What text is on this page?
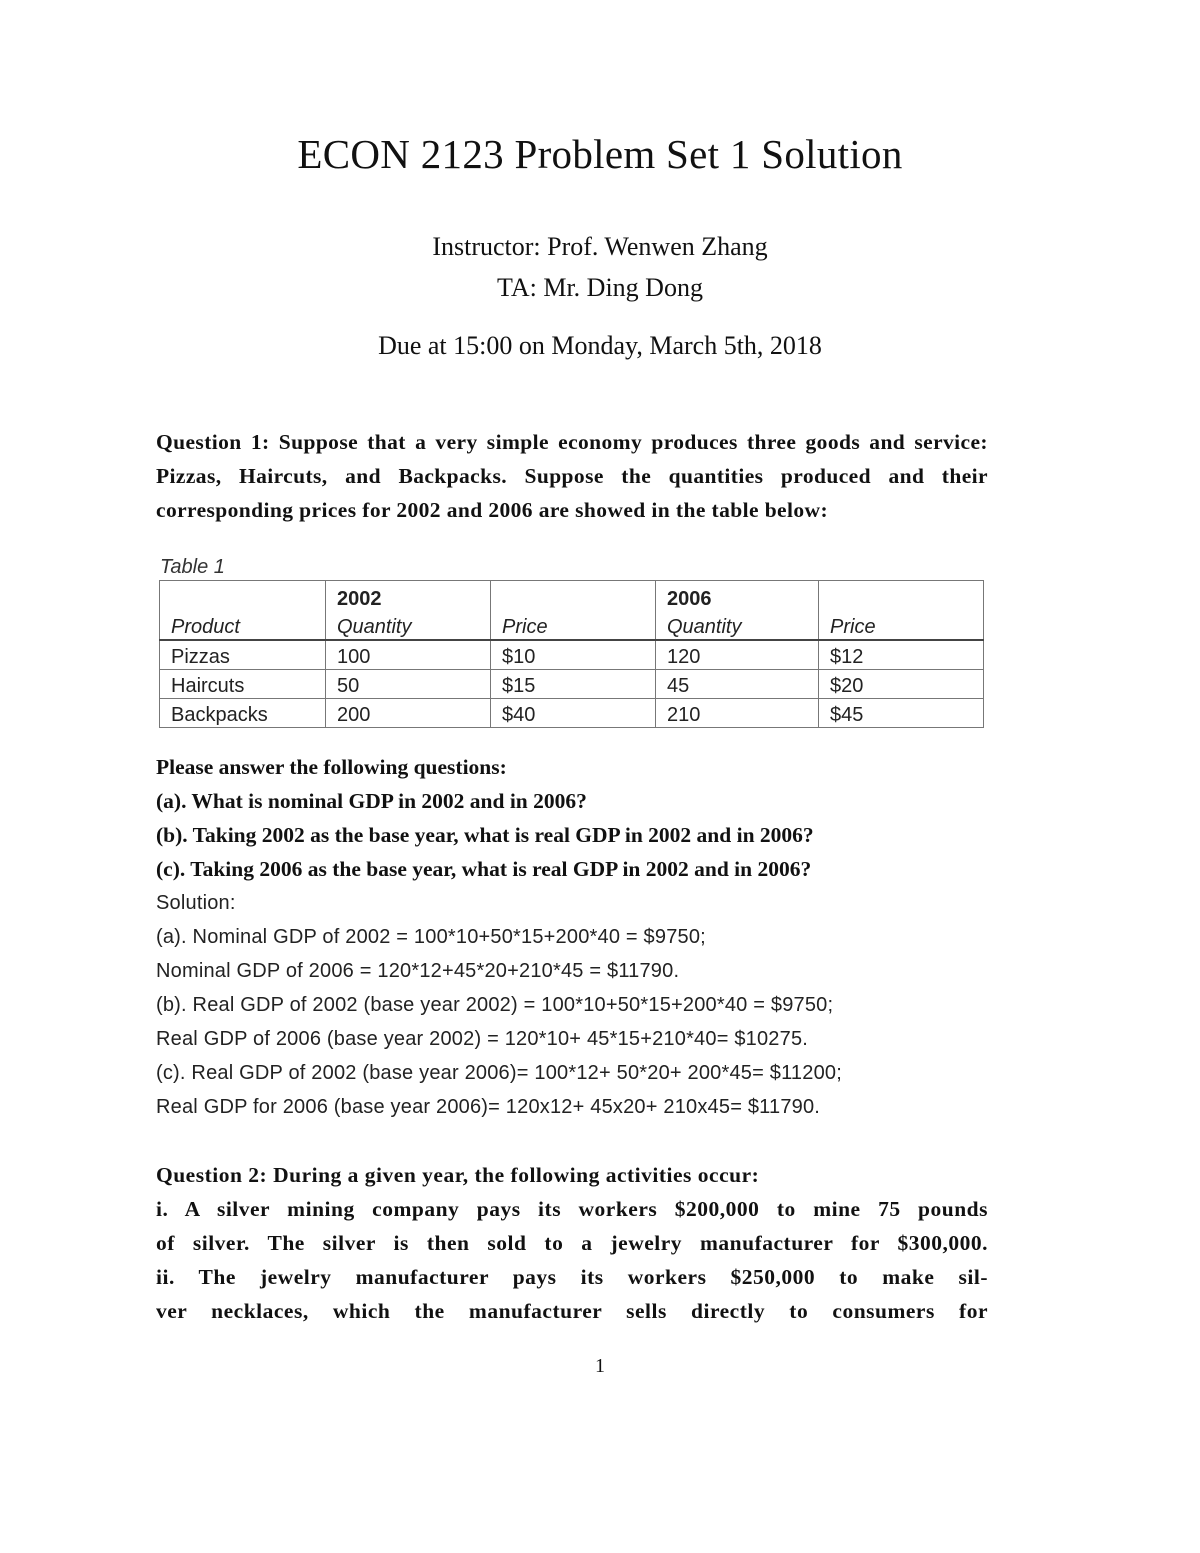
ECON 2123 Problem Set 1 Solution
Instructor: Prof. Wenwen Zhang
TA: Mr. Ding Dong
Due at 15:00 on Monday, March 5th, 2018
Question 1: Suppose that a very simple economy produces three goods and service: Pizzas, Haircuts, and Backpacks. Suppose the quantities produced and their corresponding prices for 2002 and 2006 are showed in the table below:
Table 1
	2002		2006	
Product	Quantity	Price	Quantity	Price
Pizzas	100	$10	120	$12
Haircuts	50	$15	45	$20
Backpacks	200	$40	210	$45
Please answer the following questions:
(a). What is nominal GDP in 2002 and in 2006?
(b). Taking 2002 as the base year, what is real GDP in 2002 and in 2006?
(c). Taking 2006 as the base year, what is real GDP in 2002 and in 2006?
Solution:
(a). Nominal GDP of 2002 = 100*10+50*15+200*40 = $9750;
Nominal GDP of 2006 = 120*12+45*20+210*45 = $11790.
(b). Real GDP of 2002 (base year 2002) = 100*10+50*15+200*40 = $9750;
Real GDP of 2006 (base year 2002) = 120*10+ 45*15+210*40= $10275.
(c). Real GDP of 2002 (base year 2006)= 100*12+ 50*20+ 200*45= $11200;
Real GDP for 2006 (base year 2006)= 120x12+ 45x20+ 210x45= $11790.
Question 2: During a given year, the following activities occur:
i. A silver mining company pays its workers $200,000 to mine 75 pounds
of silver. The silver is then sold to a jewelry manufacturer for $300,000.
ii. The jewelry manufacturer pays its workers $250,000 to make sil-
ver necklaces, which the manufacturer sells directly to consumers for
1
